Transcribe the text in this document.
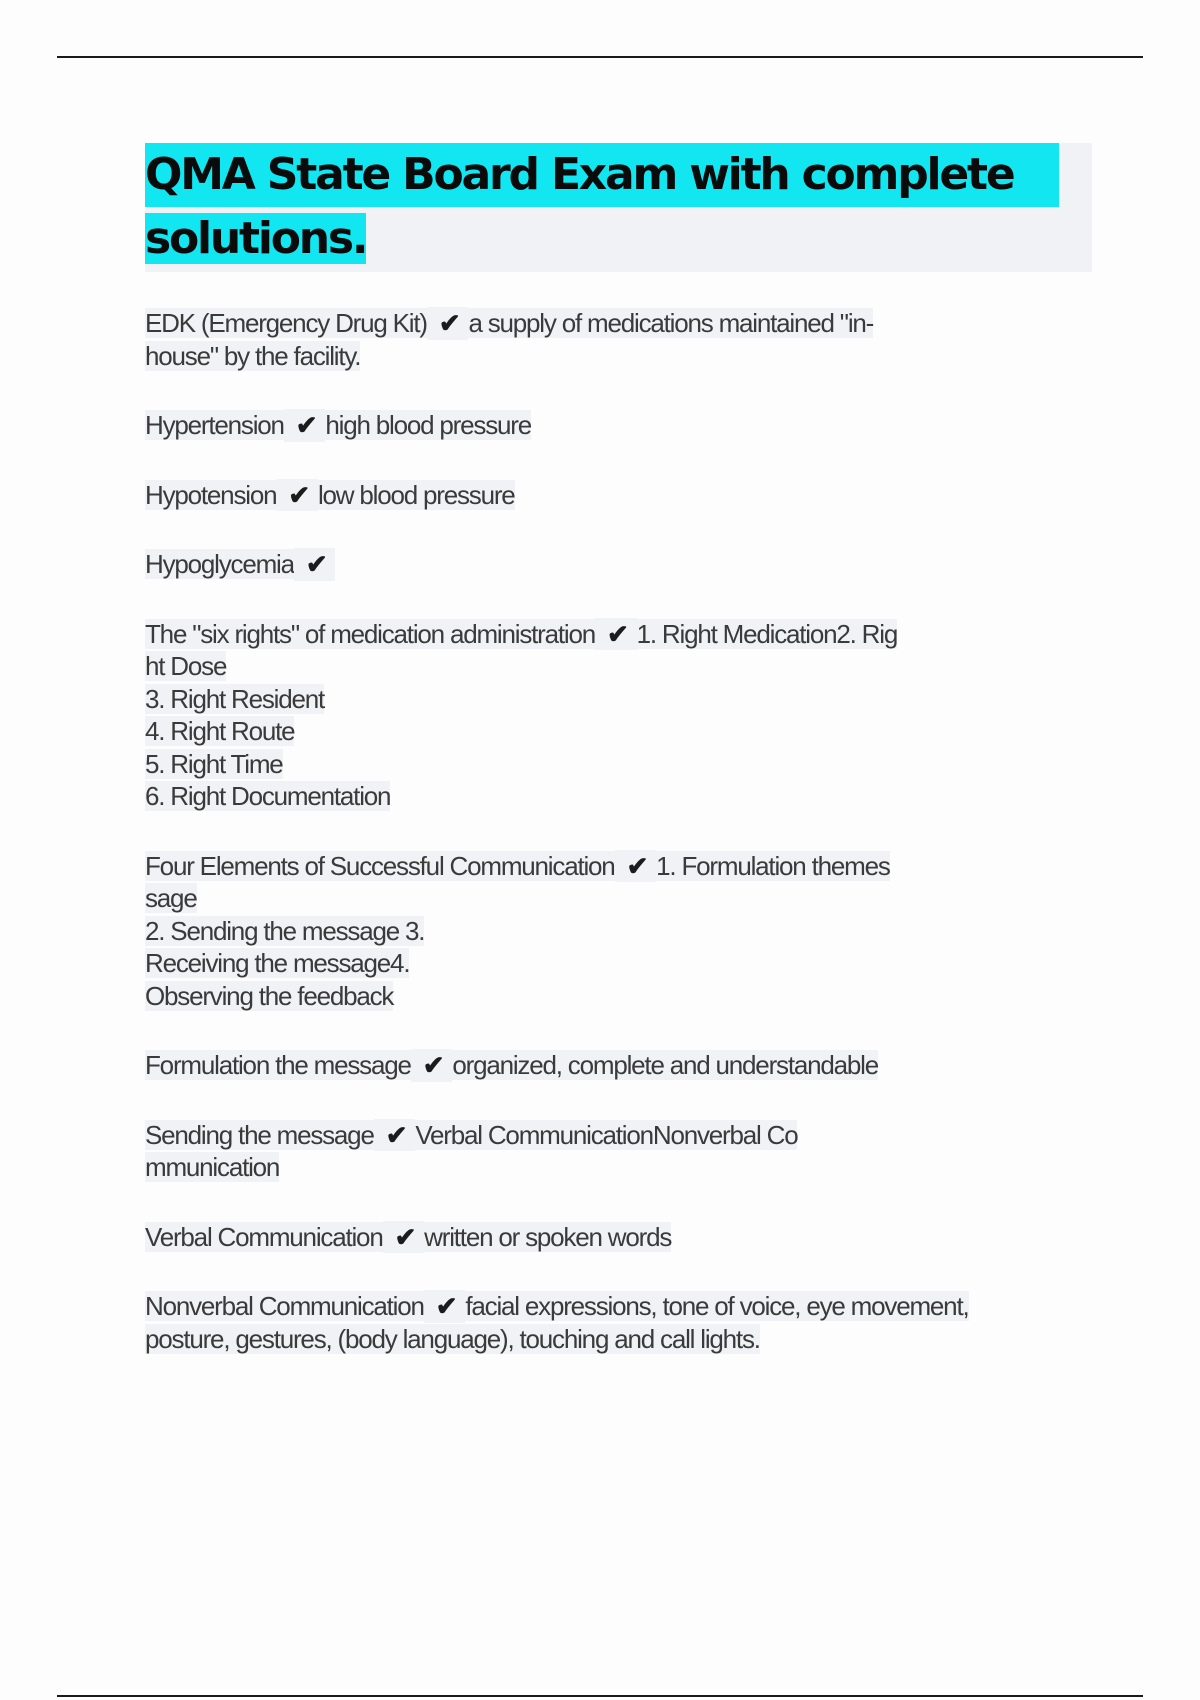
QMA State Board Exam with complete
solutions.
EDK (Emergency Drug Kit) ✔ a supply of medications maintained "in-
house" by the facility.
Hypertension ✔ high blood pressure
Hypotension ✔ low blood pressure
Hypoglycemia ✔
The "six rights" of medication administration ✔ 1. Right Medication2. Rig
ht Dose
3. Right Resident
4. Right Route
5. Right Time
6. Right Documentation
Four Elements of Successful Communication ✔ 1. Formulation themes
sage
2. Sending the message 3.
Receiving the message4.
Observing the feedback
Formulation the message ✔ organized, complete and understandable
Sending the message ✔ Verbal CommunicationNonverbal Co
mmunication
Verbal Communication ✔ written or spoken words
Nonverbal Communication ✔ facial expressions, tone of voice, eye movement,
posture, gestures, (body language), touching and call lights.
